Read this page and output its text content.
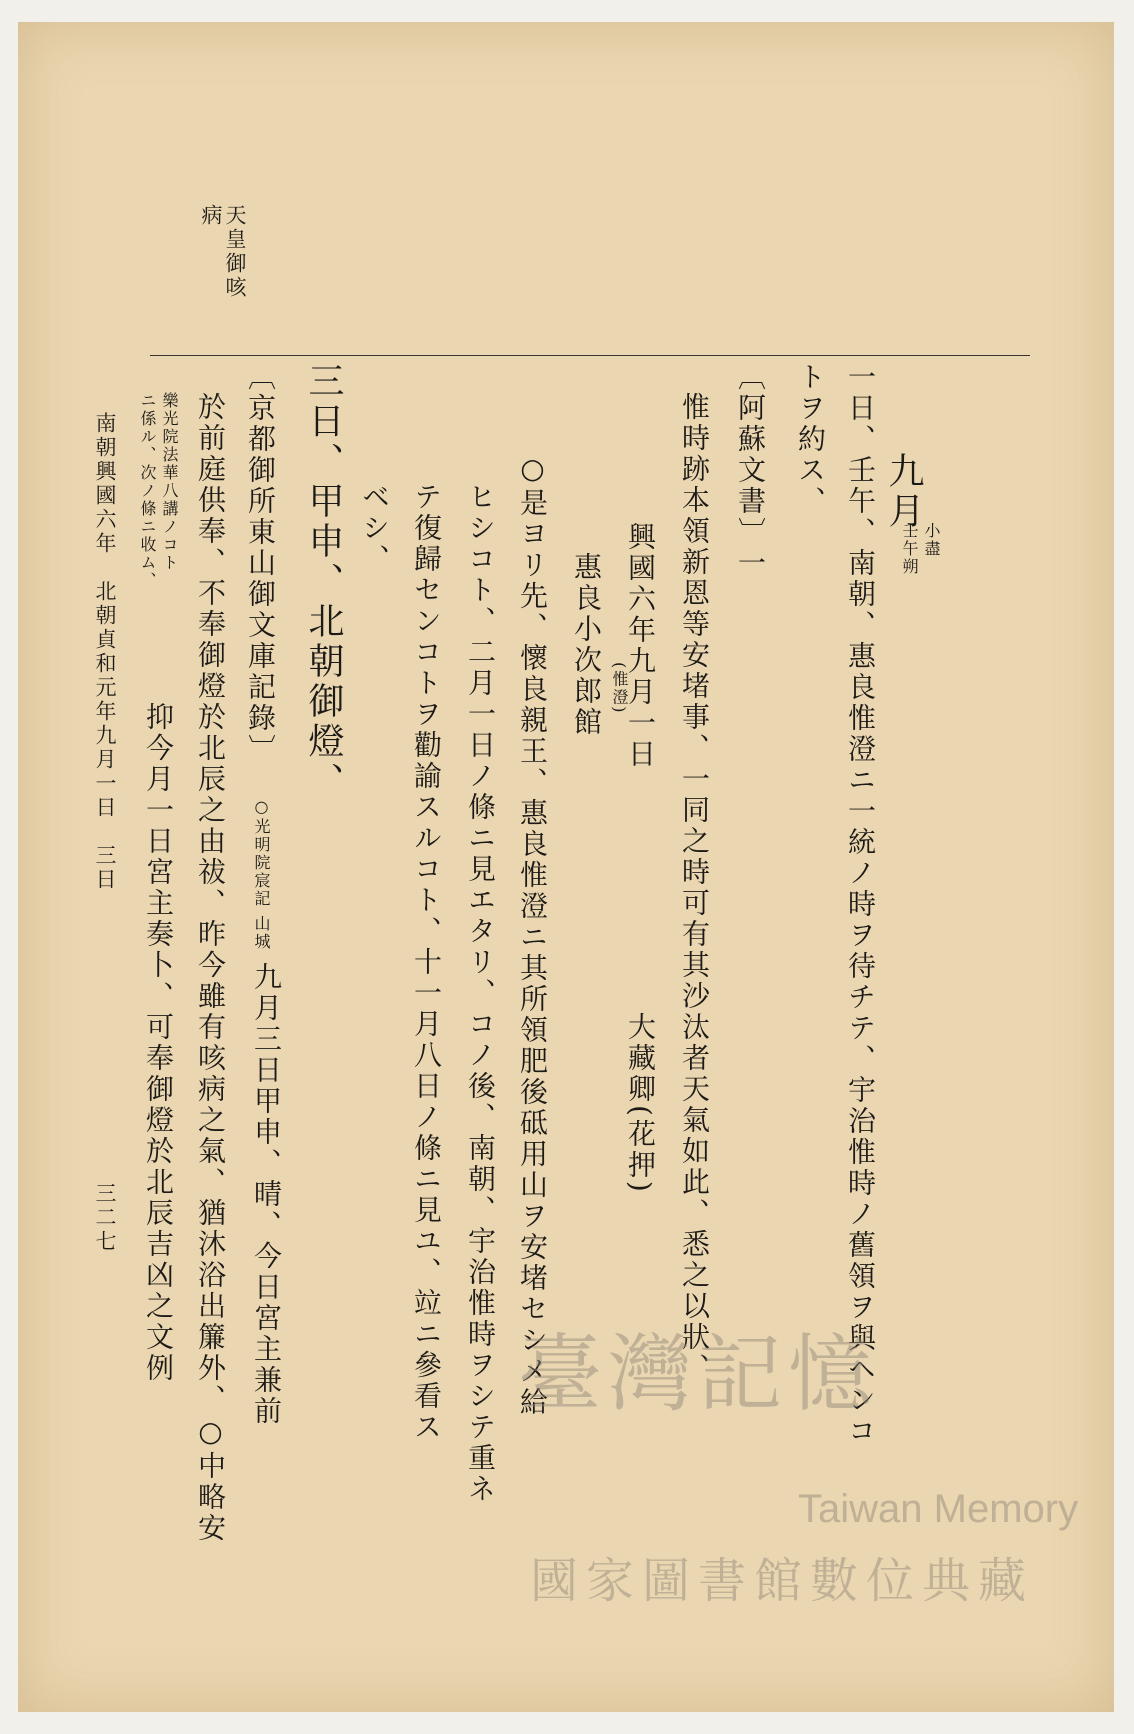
天皇御咳
病
九月
小盡
壬午朔
一日、壬午、南朝、惠良惟澄ニ一統ノ時ヲ待チテ、宇治惟時ノ舊領ヲ與ヘンコ
トヲ約ス、
〔阿蘇文書〕一
惟時跡本領新恩等安堵事、一同之時可有其沙汰者天氣如此、悉之以狀、
興國六年九月一日
大藏卿(花押)
惠良小次郎館 (惟澄)
○是ヨリ先、懷良親王、惠良惟澄ニ其所領肥後砥用山ヲ安堵セシメ給
ヒシコト、二月一日ノ條ニ見エタリ、コノ後、南朝、宇治惟時ヲシテ重ネ
テ復歸センコトヲ勸諭スルコト、十一月八日ノ條ニ見ユ、竝ニ參看ス
ベシ、
三日、甲申、北朝御燈、
〔京都御所東山御文庫記錄〕
○光明院宸記 山城
九月三日甲申、晴、今日宮主兼前
於前庭供奉、不奉御燈於北辰之由祓、昨今雖有咳病之氣、猶沐浴出簾外、○中略安
樂光院法華八講ノコト
ニ係ル、次ノ條ニ收ム、
抑今月一日宮主奏卜、可奉御燈於北辰吉凶之文例
南朝興國六年　北朝貞和元年九月一日　三日
三二七
臺灣記憶
Taiwan Memory
國家圖書館數位典藏
